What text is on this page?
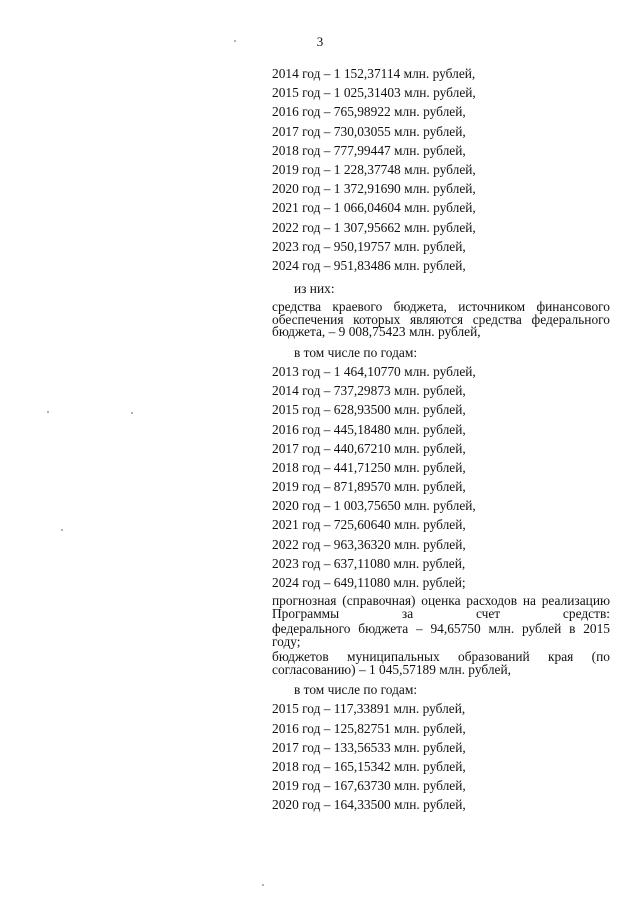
3
2014 год – 1 152,37114 млн. рублей,
2015 год – 1 025,31403 млн. рублей,
2016 год – 765,98922 млн. рублей,
2017 год – 730,03055 млн. рублей,
2018 год – 777,99447 млн. рублей,
2019 год – 1 228,37748 млн. рублей,
2020 год – 1 372,91690 млн. рублей,
2021 год – 1 066,04604 млн. рублей,
2022 год – 1 307,95662 млн. рублей,
2023 год – 950,19757 млн. рублей,
2024 год – 951,83486 млн. рублей,
из них:
средства краевого бюджета, источником финансового обеспечения которых являются средства федерального бюджета, – 9 008,75423 млн. рублей,
в том числе по годам:
2013 год – 1 464,10770 млн. рублей,
2014 год – 737,29873 млн. рублей,
2015 год – 628,93500 млн. рублей,
2016 год – 445,18480 млн. рублей,
2017 год – 440,67210 млн. рублей,
2018 год – 441,71250 млн. рублей,
2019 год – 871,89570 млн. рублей,
2020 год – 1 003,75650 млн. рублей,
2021 год – 725,60640 млн. рублей,
2022 год – 963,36320 млн. рублей,
2023 год – 637,11080 млн. рублей,
2024 год – 649,11080 млн. рублей;
прогнозная (справочная) оценка расходов на реализацию Программы за счет средств:
федерального бюджета – 94,65750 млн. рублей в 2015 году;
бюджетов муниципальных образований края (по согласованию) – 1 045,57189 млн. рублей,
в том числе по годам:
2015 год – 117,33891 млн. рублей,
2016 год – 125,82751 млн. рублей,
2017 год – 133,56533 млн. рублей,
2018 год – 165,15342 млн. рублей,
2019 год – 167,63730 млн. рублей,
2020 год – 164,33500 млн. рублей,
